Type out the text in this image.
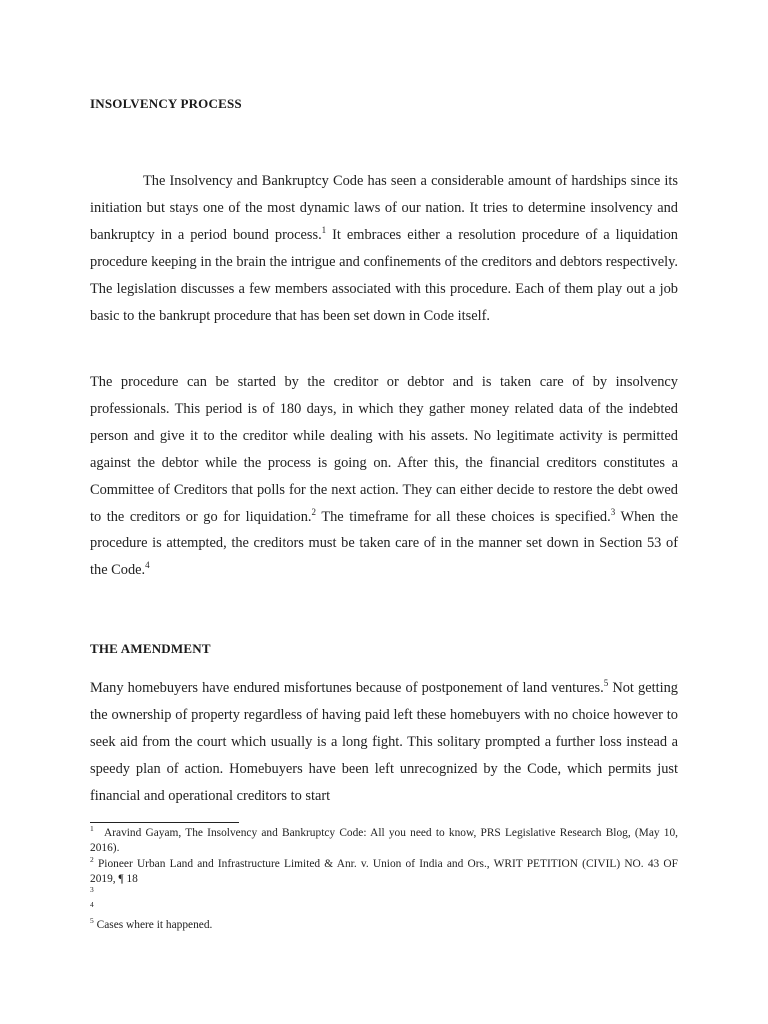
INSOLVENCY PROCESS

The Insolvency and Bankruptcy Code has seen a considerable amount of hardships since its initiation but stays one of the most dynamic laws of our nation. It tries to determine insolvency and bankruptcy in a period bound process.$^1$ It embraces either a resolution procedure of a liquidation procedure keeping in the brain the intrigue and confinements of the creditors and debtors respectively. The legislation discusses a few members associated with this procedure. Each of them play out a job basic to the bankrupt procedure that has been set down in Code itself.

The procedure can be started by the creditor or debtor and is taken care of by insolvency professionals. This period is of 180 days, in which they gather money related data of the indebted person and give it to the creditor while dealing with his assets. No legitimate activity is permitted against the debtor while the process is going on. After this, the financial creditors constitutes a Committee of Creditors that polls for the next action. They can either decide to restore the debt owed to the creditors or go for liquidation.$^2$ The timeframe for all these choices is specified.$^3$ When the procedure is attempted, the creditors must be taken care of in the manner set down in Section 53 of the Code.$^4$

THE AMENDMENT

Many homebuyers have endured misfortunes because of postponement of land ventures.$^5$ Not getting the ownership of property regardless of having paid left these homebuyers with no choice however to seek aid from the court which usually is a long fight. This solitary prompted a further loss instead a speedy plan of action. Homebuyers have been left unrecognized by the Code, which permits just financial and operational creditors to start

$^1$ Aravind Gayam, The Insolvency and Bankruptcy Code: All you need to know, PRS Legislative Research Blog, (May 10, 2016).

$^2$ Pioneer Urban Land and Infrastructure Limited & Anr. v. Union of India and Ors., WRIT PETITION (CIVIL) NO. 43 OF 2019, ¶ 18

$^3$

$^4$

$^5$ Cases where it happened.
